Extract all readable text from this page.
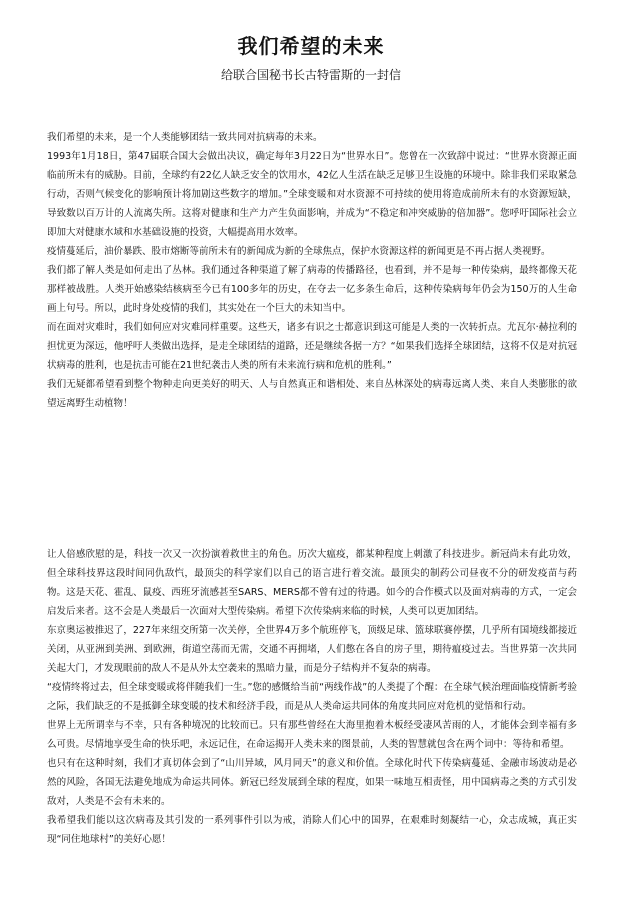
我们希望的未来

给联合国秘书长古特雷斯的一封信

我们希望的未来，是一个人类能够团结一致共同对抗病毒的未来。

1993年1月18日，第47届联合国大会做出决议，确定每年3月22日为“世界水日”。您曾在一次致辞中说过：“世界水资源正面临前所未有的威胁。目前，全球约有22亿人缺乏安全的饮用水，42亿人生活在缺乏足够卫生设施的环境中。除非我们采取紧急行动，否则气候变化的影响预计将加剧这些数字的增加。”全球变暖和对水资源不可持续的使用将造成前所未有的水资源短缺，导致数以百万计的人流离失所。这将对健康和生产力产生负面影响，并成为“不稳定和冲突威胁的倍加器”。您呼吁国际社会立即加大对健康水域和水基础设施的投资，大幅提高用水效率。

疫情蔓延后，油价暴跌、股市熔断等前所未有的新闻成为新的全球焦点，保护水资源这样的新闻更是不再占据人类视野。

我们都了解人类是如何走出了丛林。我们通过各种渠道了解了病毒的传播路径，也看到，并不是每一种传染病，最终都像天花那样被战胜。人类开始感染结核病至今已有100多年的历史，在夺去一亿多条生命后，这种传染病每年仍会为150万的人生命画上句号。所以，此时身处疫情的我们，其实处在一个巨大的未知当中。

而在面对灾难时，我们如何应对灾难同样重要。这些天，诸多有识之士都意识到这可能是人类的一次转折点。尤瓦尔·赫拉利的担忧更为深远，他呼吁人类做出选择，是走全球团结的道路，还是继续各据一方？“如果我们选择全球团结，这将不仅是对抗冠状病毒的胜利，也是抗击可能在21世纪袭击人类的所有未来流行病和危机的胜利。”

我们无疑都希望看到整个物种走向更美好的明天、人与自然真正和谐相处、来自丛林深处的病毒远离人类、来自人类膨胀的欲望远离野生动植物！

让人倍感欣慰的是，科技一次又一次扮演着救世主的角色。历次大瘟疫，都某种程度上刺激了科技进步。新冠尚未有此功效，但全球科技界这段时间同仇敌忾，最顶尖的科学家们以自己的语言进行着交流。最顶尖的制药公司昼夜不分的研发疫苗与药物。这是天花、霍乱、鼠疫、西班牙流感甚至SARS、MERS都不曾有过的待遇。如今的合作模式以及面对病毒的方式，一定会启发后来者。这不会是人类最后一次面对大型传染病。希望下次传染病来临的时候，人类可以更加团结。

东京奥运被推迟了，227年来纽交所第一次关停，全世界4万多个航班停飞，顶级足球、篮球联赛停摆，几乎所有国境线都接近关闭，从亚洲到美洲、到欧洲，街道空荡而无需，交通不再拥堵，人们憋在各自的房子里，期待瘟疫过去。当世界第一次共同关起大门，才发现眼前的敌人不是从外太空袭来的黑暗力量，而是分子结构并不复杂的病毒。

“疫情终将过去，但全球变暖或将伴随我们一生。”您的感慨给当前“两线作战”的人类提了个醒：在全球气候治理面临疫情新考验之际，我们缺乏的不是抵御全球变暖的技术和经济手段，而是从人类命运共同体的角度共同应对危机的觉悟和行动。

世界上无所谓幸与不幸，只有各种境况的比较而已。只有那些曾经在大海里抱着木板经受凄风苦雨的人，才能体会到幸福有多么可贵。尽情地享受生命的快乐吧，永远记住，在命运揭开人类未来的图景前，人类的智慧就包含在两个词中：等待和希望。

也只有在这种时刻，我们才真切体会到了“山川异域，风月同天”的意义和价值。全球化时代下传染病蔓延、金融市场波动是必然的风险，各国无法避免地成为命运共同体。新冠已经发展到全球的程度，如果一味地互相责怪，用中国病毒之类的方式引发敌对，人类是不会有未来的。

我希望我们能以这次病毒及其引发的一系列事件引以为戒，消除人们心中的国界，在艰难时刻凝结一心，众志成城，真正实现“同住地球村”的美好心愿！
